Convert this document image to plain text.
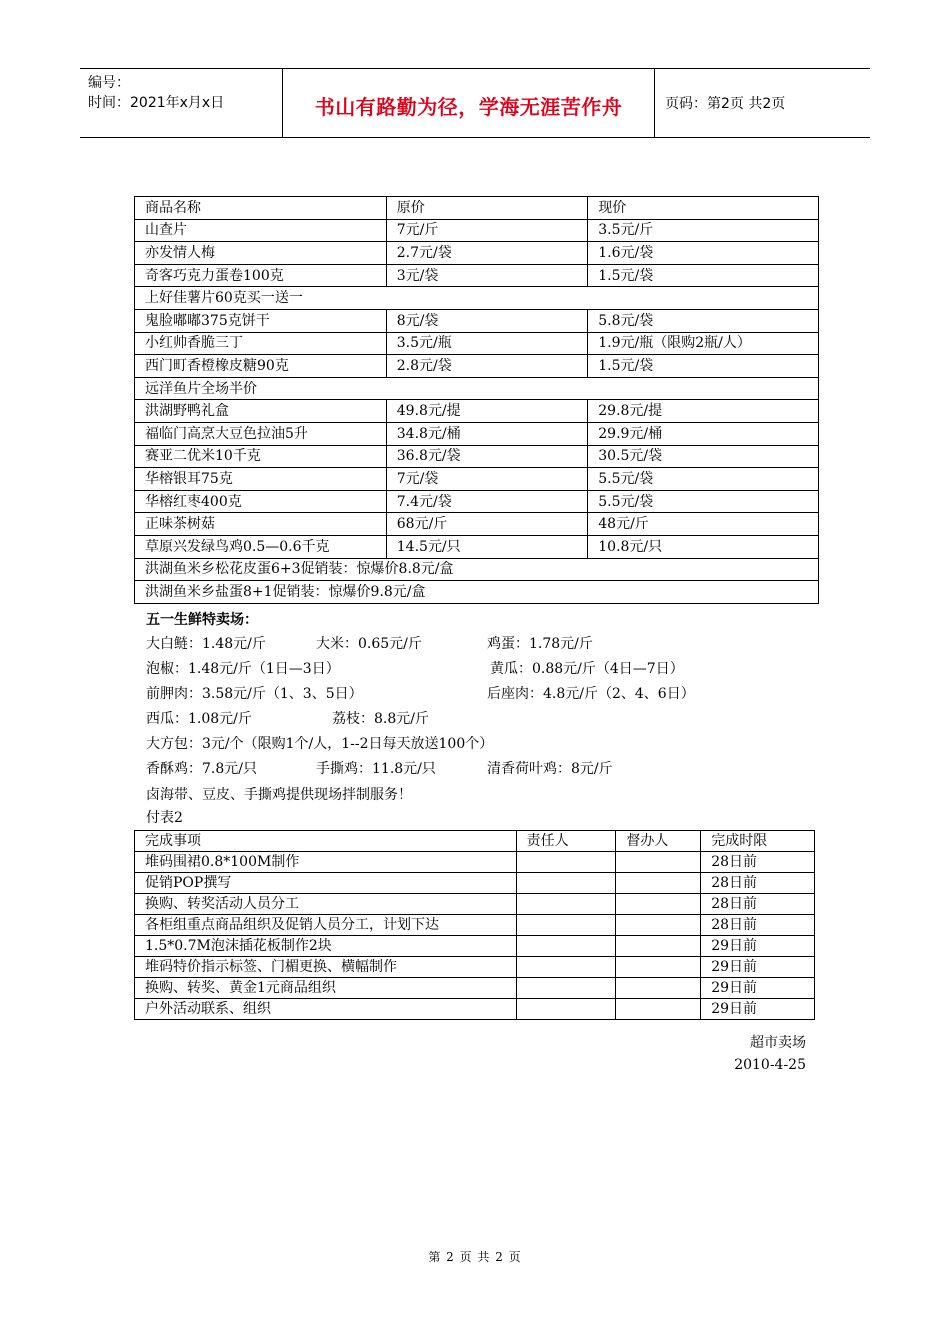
编号：
时间：2021年x月x日	书山有路勤为径，学海无涯苦作舟	页码：第2页 共2页
商品名称	原价	现价
山查片	7元/斤	3.5元/斤
亦发情人梅	2.7元/袋	1.6元/袋
奇客巧克力蛋卷100克	3元/袋	1.5元/袋
上好佳薯片60克买一送一		
鬼脸嘟嘟375克饼干	8元/袋	5.8元/袋
小红帅香脆三丁	3.5元/瓶	1.9元/瓶（限购2瓶/人）
西门町香橙橡皮糖90克	2.8元/袋	1.5元/袋
远洋鱼片全场半价		
洪湖野鸭礼盒	49.8元/提	29.8元/提
福临门高烹大豆色拉油5升	34.8元/桶	29.9元/桶
赛亚二优米10千克	36.8元/袋	30.5元/袋
华榕银耳75克	7元/袋	5.5元/袋
华榕红枣400克	7.4元/袋	5.5元/袋
正味茶树菇	68元/斤	48元/斤
草原兴发绿鸟鸡0.5—0.6千克	14.5元/只	10.8元/只
洪湖鱼米乡松花皮蛋6+3促销装：惊爆价8.8元/盒		
洪湖鱼米乡盐蛋8+1促销装：惊爆价9.8元/盒		
五一生鲜特卖场：
大白鲢：1.48元/斤	大米：0.65元/斤	鸡蛋：1.78元/斤
泡椒：1.48元/斤（1日—3日）	黄瓜：0.88元/斤（4日—7日）
前胛肉：3.58元/斤（1、3、5日）	后座肉：4.8元/斤（2、4、6日）
西瓜：1.08元/斤	荔枝：8.8元/斤
大方包：3元/个（限购1个/人，1--2日每天放送100个）
香酥鸡：7.8元/只	手撕鸡：11.8元/只	清香荷叶鸡：8元/斤
卤海带、豆皮、手撕鸡提供现场拌制服务！
付表2
完成事项	责任人	督办人	完成时限
堆码围裙0.8*100M制作			28日前
促销POP撰写			28日前
换购、转奖活动人员分工			28日前
各柜组重点商品组织及促销人员分工，计划下达			28日前
1.5*0.7M泡沫插花板制作2块			29日前
堆码特价指示标签、门楣更换、横幅制作			29日前
换购、转奖、黄金1元商品组织			29日前
户外活动联系、组织			29日前
超市卖场
2010-4-25
第 2 页 共 2 页
